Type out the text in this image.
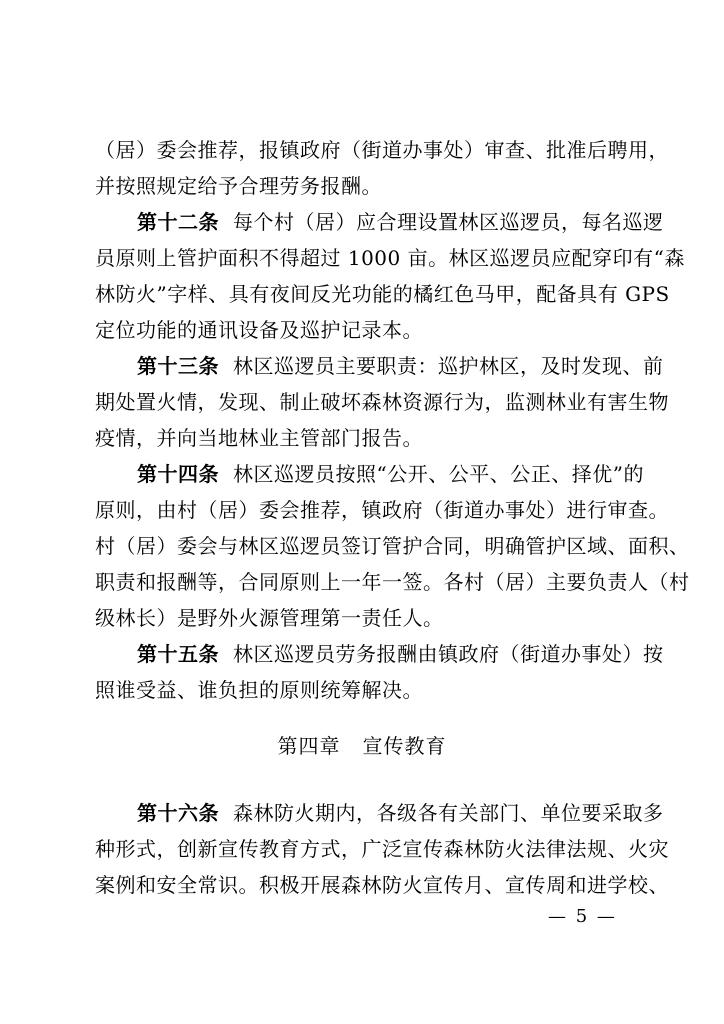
（居）委会推荐，报镇政府（街道办事处）审查、批准后聘用，
并按照规定给予合理劳务报酬。
第十二条 每个村（居）应合理设置林区巡逻员，每名巡逻
员原则上管护面积不得超过 1000 亩。林区巡逻员应配穿印有“森
林防火”字样、具有夜间反光功能的橘红色马甲，配备具有 GPS
定位功能的通讯设备及巡护记录本。
第十三条 林区巡逻员主要职责：巡护林区，及时发现、前
期处置火情，发现、制止破坏森林资源行为，监测林业有害生物
疫情，并向当地林业主管部门报告。
第十四条 林区巡逻员按照“公开、公平、公正、择优”的
原则，由村（居）委会推荐，镇政府（街道办事处）进行审查。
村（居）委会与林区巡逻员签订管护合同，明确管护区域、面积、
职责和报酬等，合同原则上一年一签。各村（居）主要负责人（村
级林长）是野外火源管理第一责任人。
第十五条 林区巡逻员劳务报酬由镇政府（街道办事处）按
照谁受益、谁负担的原则统筹解决。
第四章 宣传教育
第十六条 森林防火期内，各级各有关部门、单位要采取多
种形式，创新宣传教育方式，广泛宣传森林防火法律法规、火灾
案例和安全常识。积极开展森林防火宣传月、宣传周和进学校、
— 5 —
